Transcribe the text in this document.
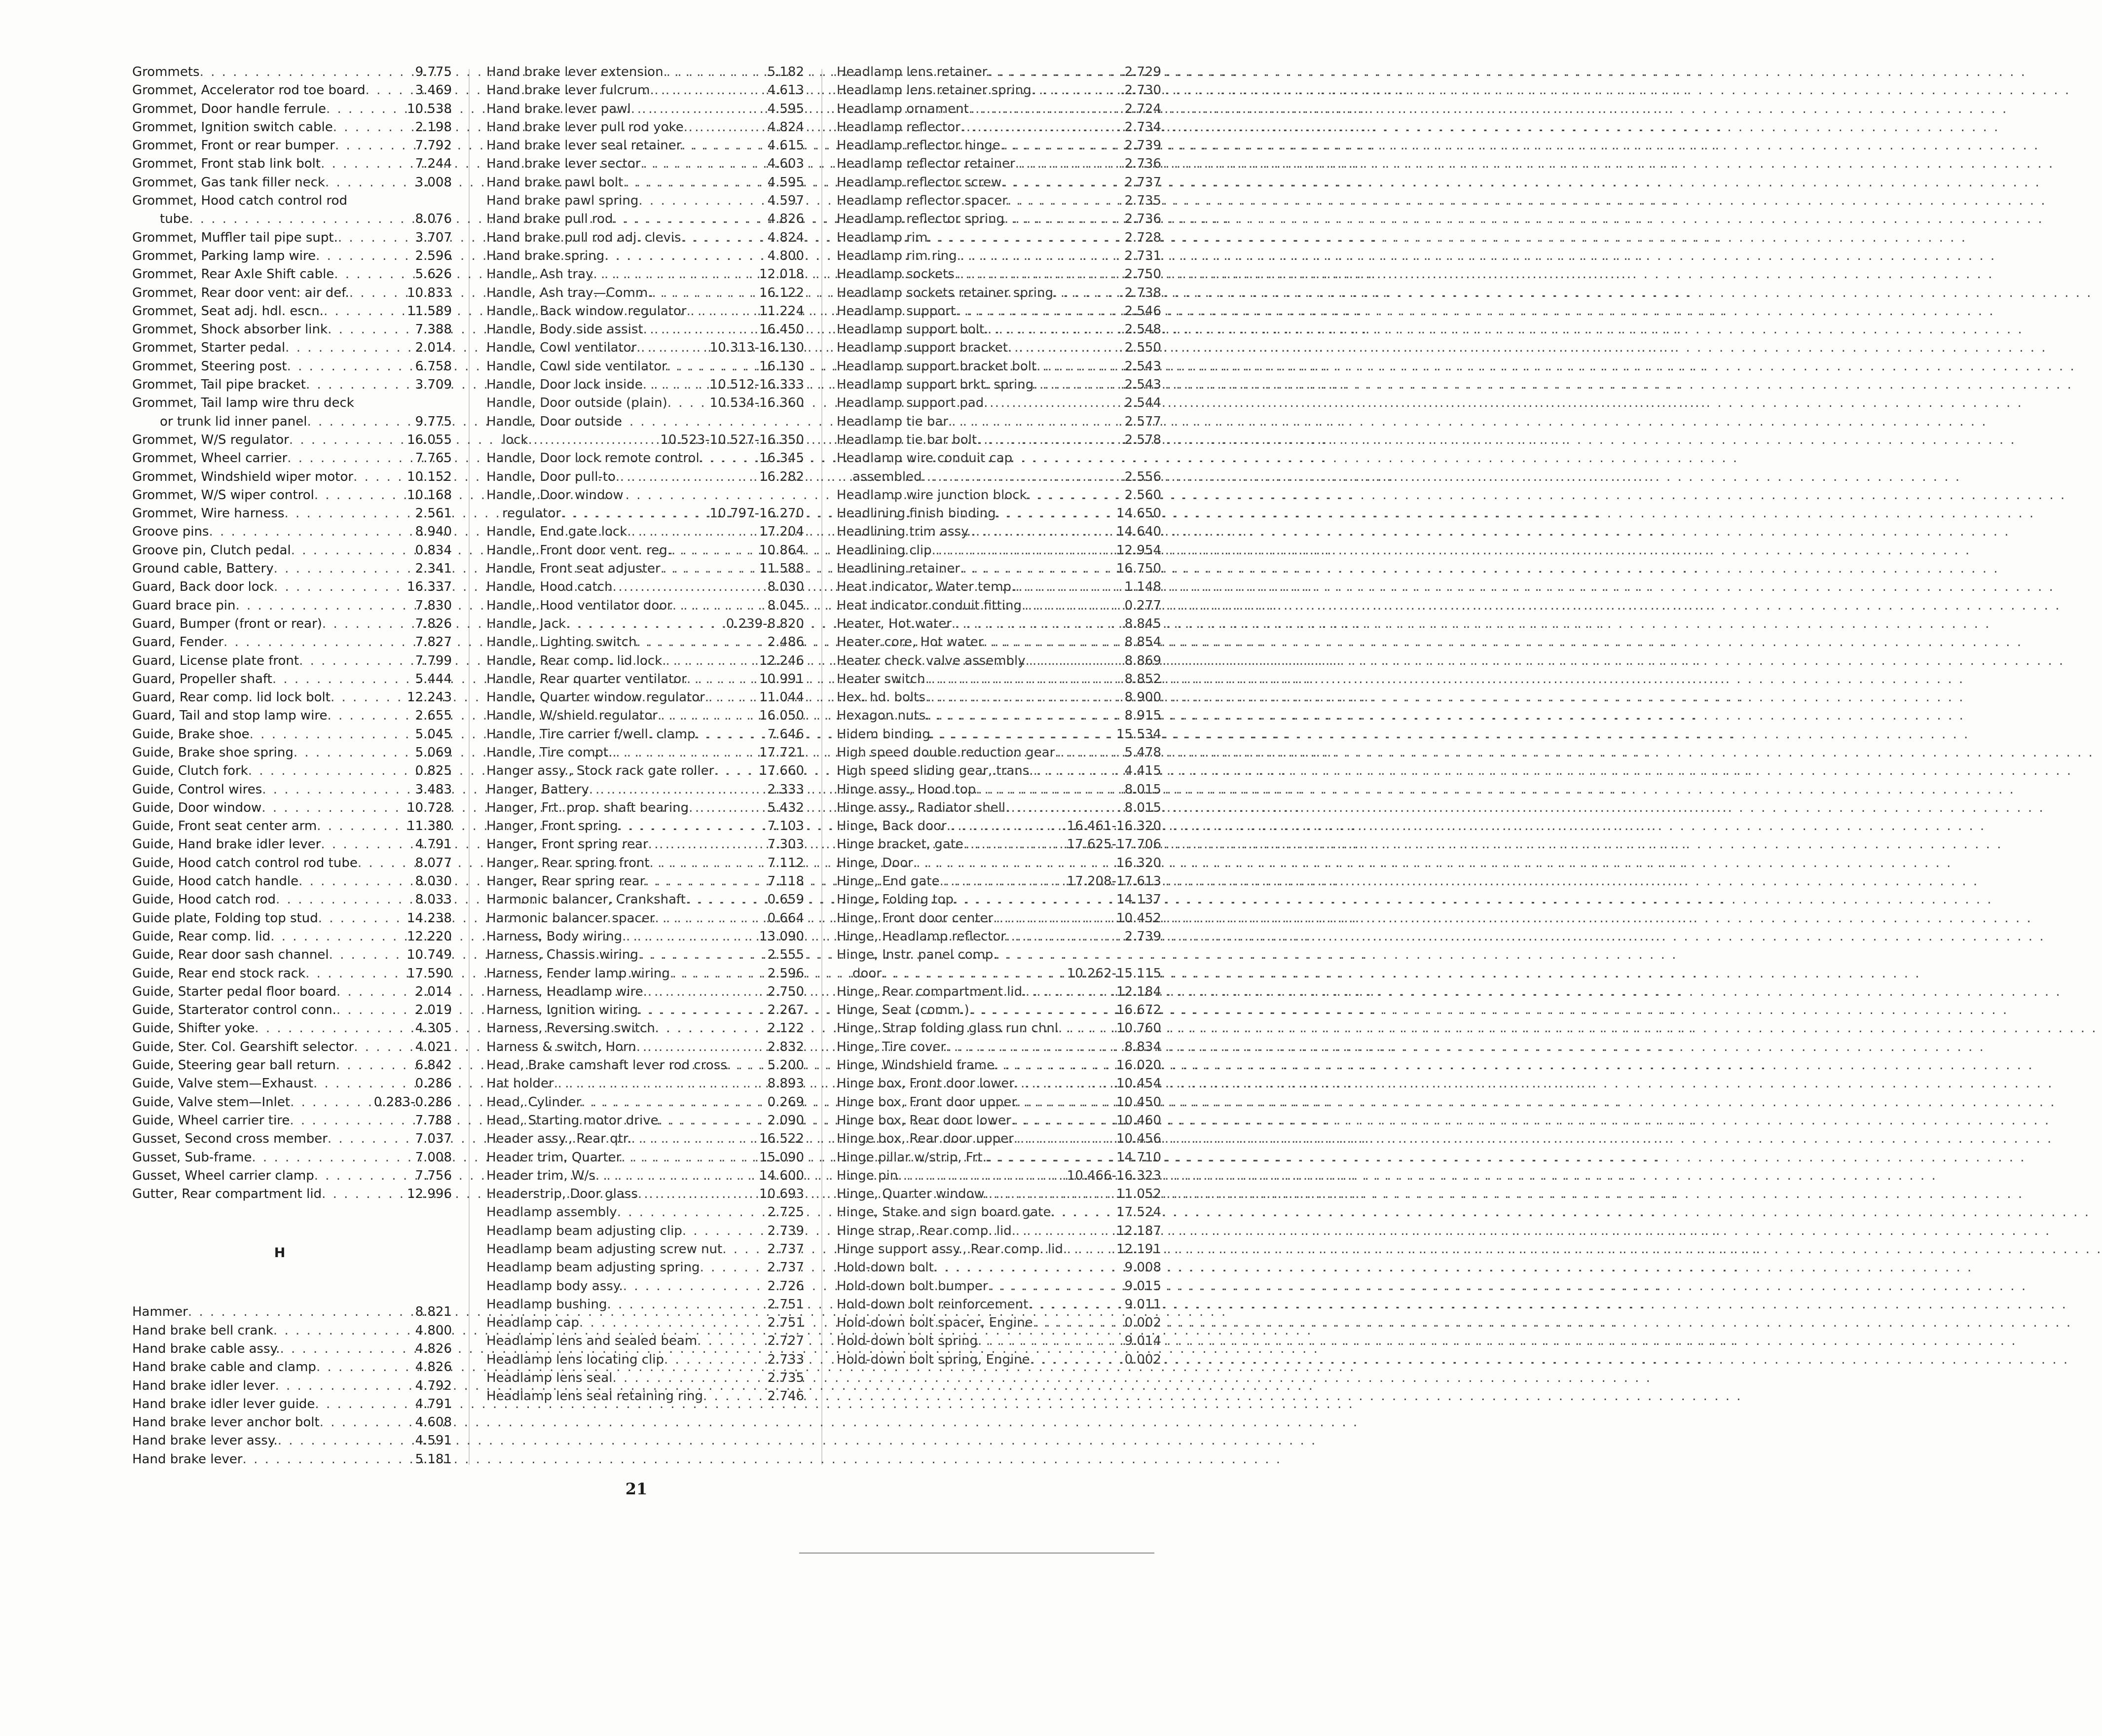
Grommets . . .	9.775
Grommet, Accelerator rod toe board . . .	3.469
Grommet, Door handle ferrule . . .	10.538
Grommet, Ignition switch cable . . .	2.198
Grommet, Front or rear bumper . . .	7.792
Grommet, Front stab link bolt . . .	7.244
Grommet, Gas tank filler neck . . .	3.008
Grommet, Hood catch control rod
tube . . .	8.076
Grommet, Muffler tail pipe supt. . . .	3.707
Grommet, Parking lamp wire . . .	2.596
Grommet, Rear Axle Shift cable . . .	5.626
Grommet, Rear door vent: air def. . . .	10.833
Grommet, Seat adj. hdl. escn. . . .	11.589
Grommet, Shock absorber link . . .	7.388
Grommet, Starter pedal . . .	2.014
Grommet, Steering post . . .	6.758
Grommet, Tail pipe bracket . . .	3.709
Grommet, Tail lamp wire thru deck
or trunk lid inner panel . . .	9.775
Grommet, W/S regulator . . .	16.055
Grommet, Wheel carrier . . .	7.765
Grommet, Windshield wiper motor . . .	10.152
Grommet, W/S wiper control . . .	10.168
Grommet, Wire harness . . .	2.561
Groove pins . . .	8.940
Groove pin, Clutch pedal . . .	0.834
Ground cable, Battery . . .	2.341
Guard, Back door lock . . .	16.337
Guard brace pin . . .	7.830
Guard, Bumper (front or rear) . . .	7.826
Guard, Fender . . .	7.827
Guard, License plate front . . .	7.799
Guard, Propeller shaft . . .	5.444
Guard, Rear comp. lid lock bolt . . .	12.243
Guard, Tail and stop lamp wire . . .	2.655
Guide, Brake shoe . . .	5.045
Guide, Brake shoe spring . . .	5.069
Guide, Clutch fork . . .	0.825
Guide, Control wires . . .	3.483
Guide, Door window . . .	10.728
Guide, Front seat center arm . . .	11.380
Guide, Hand brake idler lever . . .	4.791
Guide, Hood catch control rod tube . . .	8.077
Guide, Hood catch handle . . .	8.030
Guide, Hood catch rod . . .	8.033
Guide plate, Folding top stud . . .	14.238
Guide, Rear comp. lid . . .	12.220
Guide, Rear door sash channel . . .	10.749
Guide, Rear end stock rack . . .	17.590
Guide, Starter pedal floor board . . .	2.014
Guide, Starterator control conn. . . .	2.019
Guide, Shifter yoke . . .	4.305
Guide, Ster. Col. Gearshift selector . . .	4.021
Guide, Steering gear ball return . . .	6.842
Guide, Valve stem—Exhaust . . .	0.286
Guide, Valve stem—Inlet . . .	0.283-0.286
Guide, Wheel carrier tire . . .	7.788
Gusset, Second cross member . . .	7.037
Gusset, Sub-frame . . .	7.008
Gusset, Wheel carrier clamp . . .	7.756
Gutter, Rear compartment lid . . .	12.996
H
Hammer . . .	8.821
Hand brake bell crank . . .	4.800
Hand brake cable assy. . . .	4.826
Hand brake cable and clamp . . .	4.826
Hand brake idler lever . . .	4.792
Hand brake idler lever guide . . .	4.791
Hand brake lever anchor bolt . . .	4.608
Hand brake lever assy. . . .	4.591
Hand brake lever . . .	5.181
Hand brake lever extension . . .	5.182
Hand brake lever fulcrum . . .	4.613
Hand brake lever pawl . . .	4.595
Hand brake lever pull rod yoke . . .	4.824
Hand brake lever seal retainer . . .	4.615
Hand brake lever sector . . .	4.603
Hand brake pawl bolt . . .	4.595
Hand brake pawl spring . . .	4.597
Hand brake pull rod . . .	4.826
Hand brake pull rod adj. clevis . . .	4.824
Hand brake spring . . .	4.800
Handle, Ash tray . . .	12.018
Handle, Ash tray—Comm. . . .	16.122
Handle, Back window regulator . . .	11.224
Handle, Body side assist . . .	16.450
Handle, Cowl ventilator . . .	10.313-16.130
Handle, Cowl side ventilator . . .	16.130
Handle, Door lock inside . . .	10.512-16.333
Handle, Door outside (plain) . . .	10.534-16.360
Handle, Door outside
lock . . .	10.523-10.527-16.350
Handle, Door lock remote control . . .	16.345
Handle, Door pull-to . . .	16.282
Handle, Door window
regulator . . .	10.797-16.270
Handle, End gate lock . . .	17.204
Handle, Front door vent. reg. . . .	10.864
Handle, Front seat adjuster . . .	11.588
Handle, Hood catch . . .	8.030
Handle, Hood ventilator door . . .	8.045
Handle, Jack . . .	0.239-8.820
Handle, Lighting switch . . .	2.486
Handle, Rear comp. lid lock . . .	12.246
Handle, Rear quarter ventilator . . .	10.991
Handle, Quarter window regulator . . .	11.044
Handle, W/shield regulator . . .	16.050
Handle, Tire carrier f/well. clamp . . .	7.646
Handle, Tire compt. . . .	17.721
Hanger assy., Stock rack gate roller . . .	17.660
Hanger, Battery . . .	2.333
Hanger, Frt. prop. shaft bearing . . .	5.432
Hanger, Front spring . . .	7.103
Hanger, Front spring rear . . .	7.303
Hanger, Rear spring front . . .	7.112
Hanger, Rear spring rear . . .	7.118
Harmonic balancer, Crankshaft . . .	0.659
Harmonic balancer spacer . . .	0.664
Harness, Body wiring . . .	13.090
Harness, Chassis wiring . . .	2.555
Harness, Fender lamp wiring . . .	2.596
Harness, Headlamp wire . . .	2.750
Harness, Ignition wiring . . .	2.267
Harness, Reversing switch . . .	2.122
Harness & switch, Horn . . .	2.832
Head, Brake camshaft lever rod cross . . .	5.200
Hat holder . . .	8.893
Head, Cylinder . . .	0.269
Head, Starting motor drive . . .	2.090
Header assy., Rear qtr. . . .	16.522
Header trim, Quarter . . .	15.090
Header trim, W/s . . .	14.600
Headerstrip, Door glass . . .	10.693
Headlamp assembly . . .	2.725
Headlamp beam adjusting clip . . .	2.739
Headlamp beam adjusting screw nut . . .	2.737
Headlamp beam adjusting spring . . .	2.737
Headlamp body assy. . . .	2.726
Headlamp bushing . . .	2.751
Headlamp cap . . .	2.751
Headlamp lens and sealed beam . . .	2.727
Headlamp lens locating clip . . .	2.733
Headlamp lens seal . . .	2.735
Headlamp lens seal retaining ring . . .	2.746
Headlamp lens retainer . . .	2.729
Headlamp lens retainer spring . . .	2.730
Headlamp ornament . . .	2.724
Headlamp reflector . . .	2.734
Headlamp reflector hinge . . .	2.739
Headlamp reflector retainer . . .	2.736
Headlamp reflector screw . . .	2.737
Headlamp reflector spacer . . .	2.735
Headlamp reflector spring . . .	2.736
Headlamp rim . . .	2.728
Headlamp rim ring . . .	2.731
Headlamp sockets . . .	2.750
Headlamp sockets retainer spring . . .	2.738
Headlamp support . . .	2.546
Headlamp support bolt . . .	2.548
Headlamp support bracket . . .	2.550
Headlamp support bracket bolt . . .	2.543
Headlamp support brkt. spring . . .	2.543
Headlamp support pad . . .	2.544
Headlamp tie bar . . .	2.577
Headlamp tie bar bolt . . .	2.578
Headlamp wire conduit cap
assembled . . .	2.556
Headlamp wire junction block . . .	2.560
Headlining finish binding . . .	14.650
Headlining trim assy. . . .	14.640
Headlining clip . . .	12.954
Headlining retainer . . .	16.750
Heat indicator, Water temp. . . .	1.148
Heat indicator conduit fitting . . .	0.277
Heater, Hot water . . .	8.845
Heater core, Hot water . . .	8.854
Heater check valve assembly . . .	8.869
Heater switch . . .	8.852
Hex. hd. bolts . . .	8.900
Hexagon nuts . . .	8.915
Hidem binding . . .	15.534
High speed double reduction gear . . .	5.478
High speed sliding gear, trans. . . .	4.415
Hinge assy., Hood top . . .	8.015
Hinge assy., Radiator shell . . .	8.015
Hinge, Back door . . .	16.461-16.320
Hinge bracket, gate . . .	17.625-17.706
Hinge, Door . . .	16.320
Hinge, End gate . . .	17.208-17.613
Hinge, Folding top . . .	14.137
Hinge, Front door center . . .	10.452
Hinge, Headlamp reflector . . .	2.739
Hinge, Instr. panel comp.
door . . .	10.262-15.115
Hinge, Rear compartment lid . . .	12.184
Hinge, Seat (comm.) . . .	16.672
Hinge, Strap folding glass run chnl . . .	10.760
Hinge, Tire cover . . .	8.834
Hinge, Windshield frame . . .	16.020
Hinge box, Front door lower . . .	10.454
Hinge box, Front door upper . . .	10.450
Hinge box, Rear door lower . . .	10.460
Hinge box, Rear door upper . . .	10.456
Hinge pillar w/strip, Frt. . . .	14.710
Hinge pin . . .	10.466-16.323
Hinge, Quarter window . . .	11.052
Hinge, Stake and sign board gate . . .	17.524
Hinge strap, Rear comp. lid . . .	12.187
Hinge support assy., Rear comp. lid . . .	12.191
Hold-down bolt . . .	9.008
Hold-down bolt bumper . . .	9.015
Hold-down bolt reinforcement . . .	9.011
Hold-down bolt spacer, Engine . . .	0.002
Hold-down bolt spring . . .	9.014
Hold-down bolt spring, Engine . . .	0.002
21
